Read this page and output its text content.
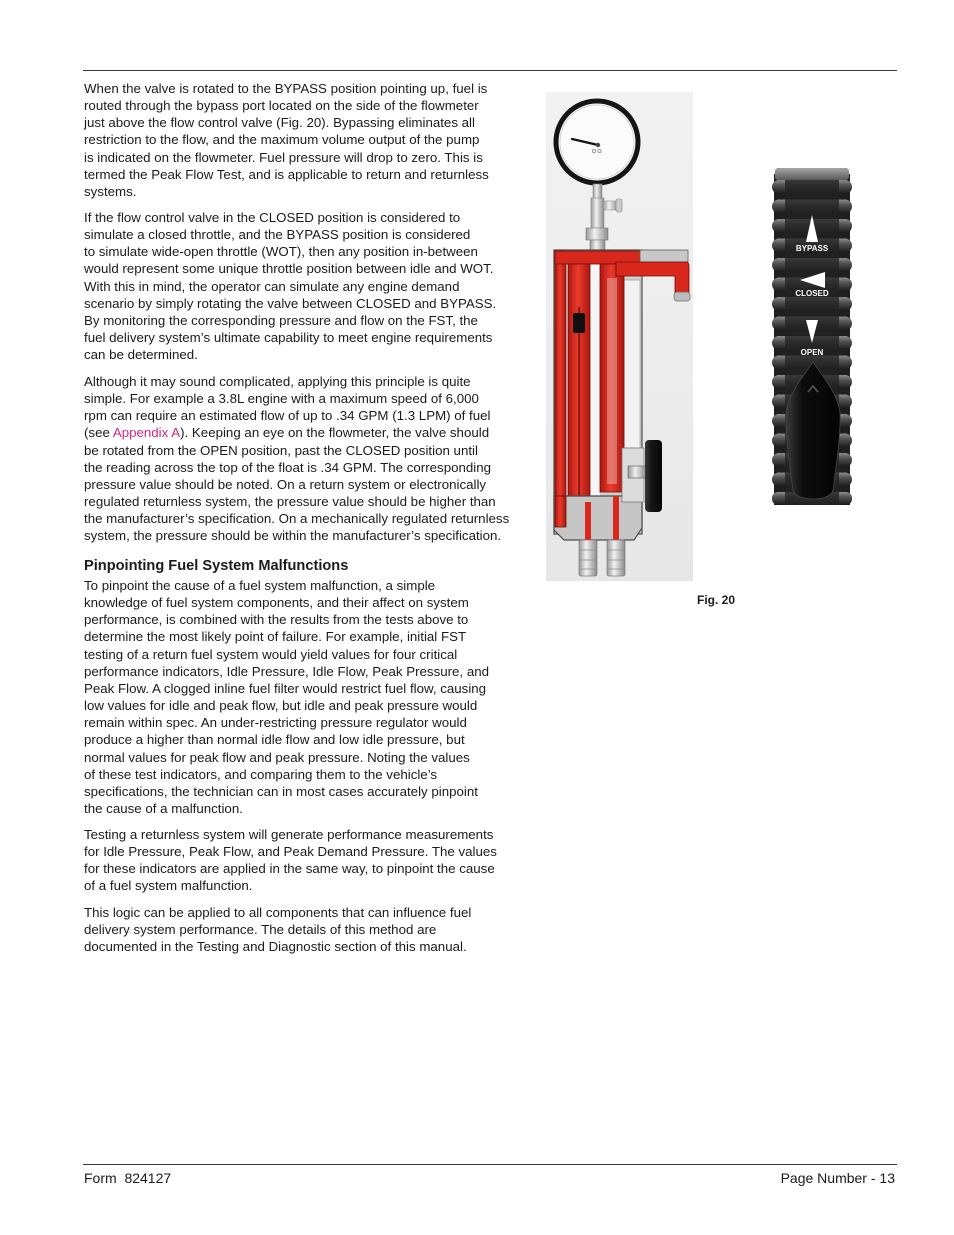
When the valve is rotated to the BYPASS position pointing up, fuel is
routed through the bypass port located on the side of the flowmeter
just above the flow control valve (Fig. 20). Bypassing eliminates all
restriction to the flow, and the maximum volume output of the pump
is indicated on the flowmeter. Fuel pressure will drop to zero. This is
termed the Peak Flow Test, and is applicable to return and returnless
systems.
If the flow control valve in the CLOSED position is considered to
simulate a closed throttle, and the BYPASS position is considered
to simulate wide-open throttle (WOT), then any position in-between
would represent some unique throttle position between idle and WOT.
With this in mind, the operator can simulate any engine demand
scenario by simply rotating the valve between CLOSED and BYPASS.
By monitoring the corresponding pressure and flow on the FST, the
fuel delivery system’s ultimate capability to meet engine requirements
can be determined.
Although it may sound complicated, applying this principle is quite
simple. For example a 3.8L engine with a maximum speed of 6,000
rpm can require an estimated flow of up to .34 GPM (1.3 LPM) of fuel
(see Appendix A). Keeping an eye on the flowmeter, the valve should
be rotated from the OPEN position, past the CLOSED position until
the reading across the top of the float is .34 GPM. The corresponding
pressure value should be noted. On a return system or electronically
regulated returnless system, the pressure value should be higher than
the manufacturer’s specification. On a mechanically regulated returnless
system, the pressure should be within the manufacturer’s specification.
Pinpointing Fuel System Malfunctions
To pinpoint the cause of a fuel system malfunction, a simple
knowledge of fuel system components, and their affect on system
performance, is combined with the results from the tests above to
determine the most likely point of failure. For example, initial FST
testing of a return fuel system would yield values for four critical
performance indicators, Idle Pressure, Idle Flow, Peak Pressure, and
Peak Flow. A clogged inline fuel filter would restrict fuel flow, causing
low values for idle and peak flow, but idle and peak pressure would
remain within spec. An under-restricting pressure regulator would
produce a higher than normal idle flow and low idle pressure, but
normal values for peak flow and peak pressure. Noting the values
of these test indicators, and comparing them to the vehicle’s
specifications, the technician can in most cases accurately pinpoint
the cause of a malfunction.
Testing a returnless system will generate performance measurements
for Idle Pressure, Peak Flow, and Peak Demand Pressure. The values
for these indicators are applied in the same way, to pinpoint the cause
of a fuel system malfunction.
This logic can be applied to all components that can influence fuel
delivery system performance. The details of this method are
documented in the Testing and Diagnostic section of this manual.
BYPASS
CLOSED
OPEN
Fig. 20
Form  824127	Page Number - 13
